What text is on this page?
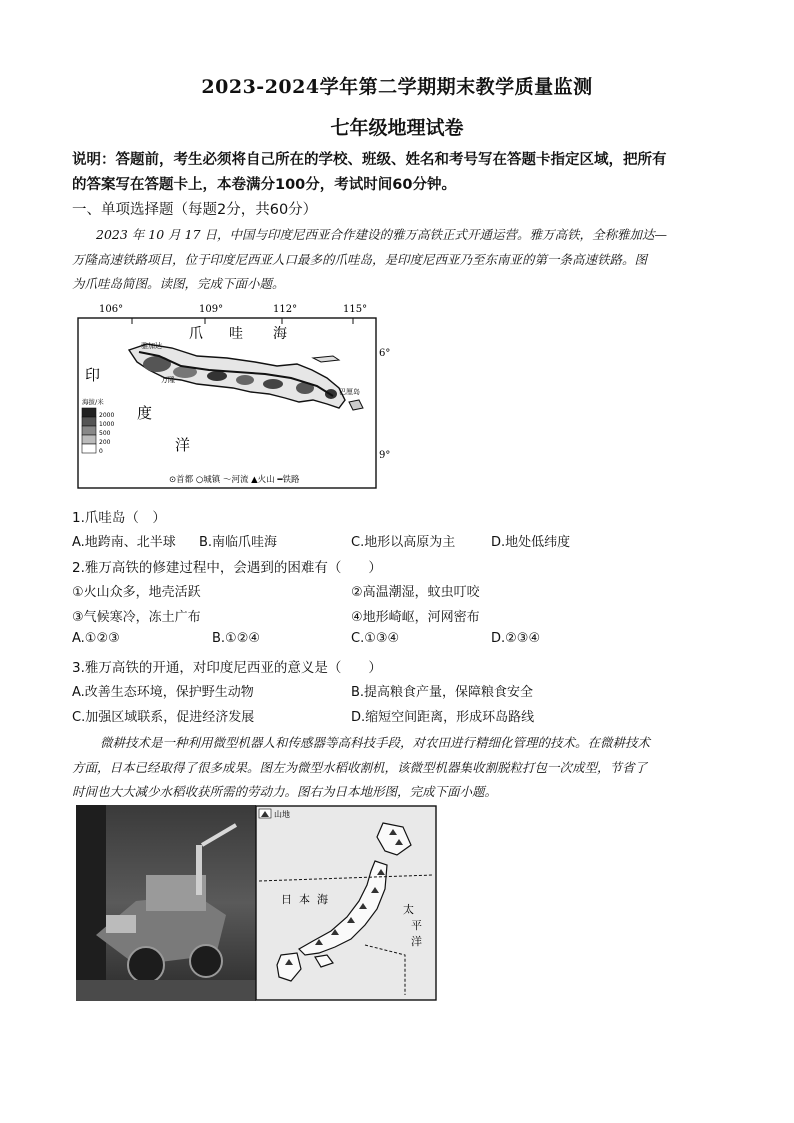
2023-2024学年第二学期期末教学质量监测
七年级地理试卷
说明：答题前，考生必须将自己所在的学校、班级、姓名和考号写在答题卡指定区域，把所有
的答案写在答题卡上，本卷满分100分，考试时间60分钟。
一、单项选择题（每题2分，共60分）
2023 年 10 月 17 日，中国与印度尼西亚合作建设的雅万高铁正式开通运营。雅万高铁，全称雅加达—
万隆高速铁路项目，位于印度尼西亚人口最多的爪哇岛，是印度尼西亚乃至东南亚的第一条高速铁路。图
为爪哇岛简图。读图，完成下面小题。
106°	109°	112°	115°
6°
9°
爪 哇 海
印
度
洋
雅加达
万隆
巴厘岛
海拔/米
2000
1000
500
200
0
⊙首都 ○城镇 〜河流 ▲火山 ━铁路
1.爪哇岛（　）
A.地跨南、北半球 B.南临爪哇海	C.地形以高原为主	D.地处低纬度
2.雅万高铁的修建过程中，会遇到的困难有（　　）
①火山众多，地壳活跃	②高温潮湿，蚊虫叮咬
③气候寒冷，冻土广布	④地形崎岖，河网密布
A.①②③	B.①②④	C.①③④	D.②③④
3.雅万高铁的开通，对印度尼西亚的意义是（　　）
A.改善生态环境，保护野生动物	B.提高粮食产量，保障粮食安全
C.加强区域联系，促进经济发展	D.缩短空间距离，形成环岛路线
微耕技术是一种利用微型机器人和传感器等高科技手段，对农田进行精细化管理的技术。在微耕技术
方面，日本已经取得了很多成果。图左为微型水稻收割机，该微型机器集收割脱粒打包一次成型，节省了
时间也大大减少水稻收获所需的劳动力。图右为日本地形图，完成下面小题。
山地
日 本 海
太
平
洋
